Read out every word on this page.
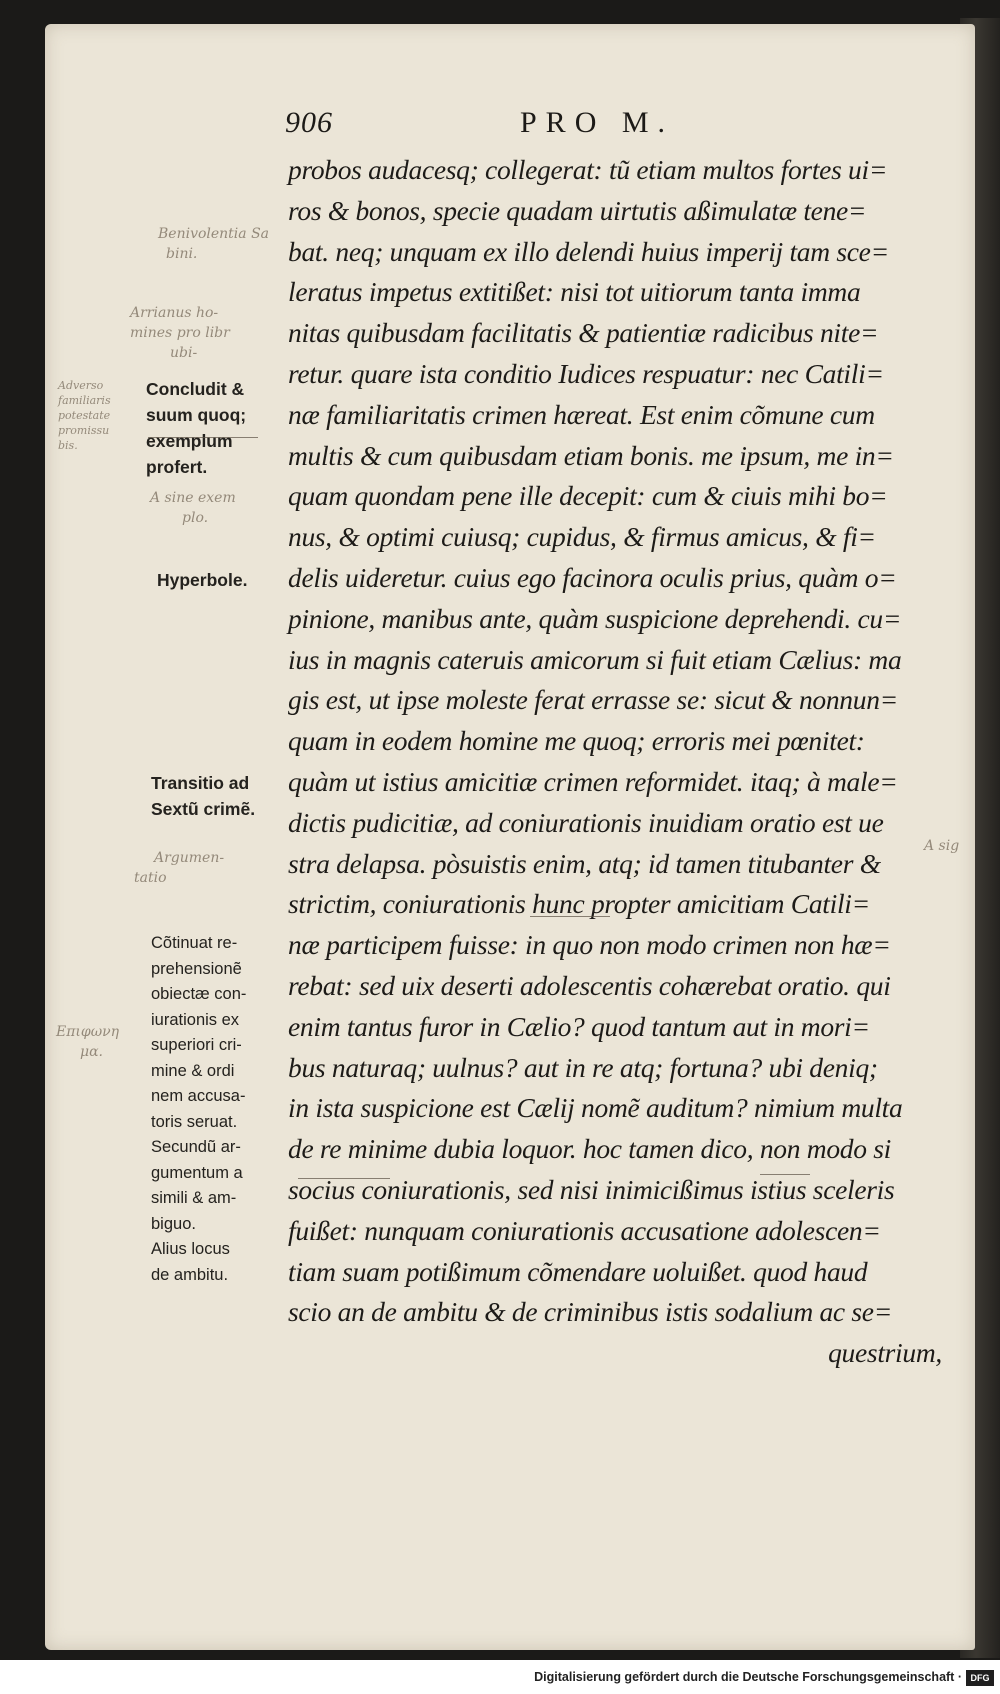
906	PRO M.
probos audacesq; collegerat: tũ etiam multos fortes ui=
ros & bonos, specie quadam uirtutis aßimulatæ tene=
bat. neq; unquam ex illo delendi huius imperij tam sce=
leratus impetus extitißet: nisi tot uitiorum tanta imma
nitas quibusdam facilitatis & patientiæ radicibus nite=
retur. quare ista conditio Iudices respuatur: nec Catili=
næ familiaritatis crimen hæreat. Est enim cõmune cum
multis & cum quibusdam etiam bonis. me ipsum, me in=
quam quondam pene ille decepit: cum & ciuis mihi bo=
nus, & optimi cuiusq; cupidus, & firmus amicus, & fi=
delis uideretur. cuius ego facinora oculis prius, quàm o=
pinione, manibus ante, quàm suspicione deprehendi. cu=
ius in magnis cateruis amicorum si fuit etiam Cælius: ma
gis est, ut ipse moleste ferat errasse se: sicut & nonnun=
quam in eodem homine me quoq; erroris mei pœnitet:
quàm ut istius amicitiæ crimen reformidet. itaq; à male=
dictis pudicitiæ, ad coniurationis inuidiam oratio est ue
stra delapsa. pòsuistis enim, atq; id tamen titubanter &
strictim, coniurationis hunc propter amicitiam Catili=
næ participem fuisse: in quo non modo crimen non hæ=
rebat: sed uix deserti adolescentis cohærebat oratio. qui
enim tantus furor in Cælio? quod tantum aut in mori=
bus naturaq; uulnus? aut in re atq; fortuna? ubi deniq;
in ista suspicione est Cælij nomẽ auditum? nimium multa
de re minime dubia loquor. hoc tamen dico, non modo si
socius coniurationis, sed nisi inimicißimus istius sceleris
fuißet: nunquam coniurationis accusatione adolescen=
tiam suam potißimum cõmendare uoluißet. quod haud
scio an de ambitu & de criminibus istis sodalium ac se=
questrium,
Concludit &
suum quoq;
exemplum
profert.
Hyperbole.
Transitio ad
Sextũ crimẽ.
Cõtinuat re-
prehensionẽ
obiectæ con-
iurationis ex
superiori cri-
mine & ordi
nem accusa-
toris seruat.
Secundũ ar-
gumentum a
simili & am-
biguo.
Alius locus
de ambitu.
Benivolentia Sa
bini.
Arrianus ho-
mines pro libr
ubi-
Adverso
familiaris
potestate
promissu
bis.
A sine exem
plo.
Argumen-
tatio
Επιφωνη
μα.
A sig
Digitalisierung gefördert durch die Deutsche Forschungsgemeinschaft · DFG
